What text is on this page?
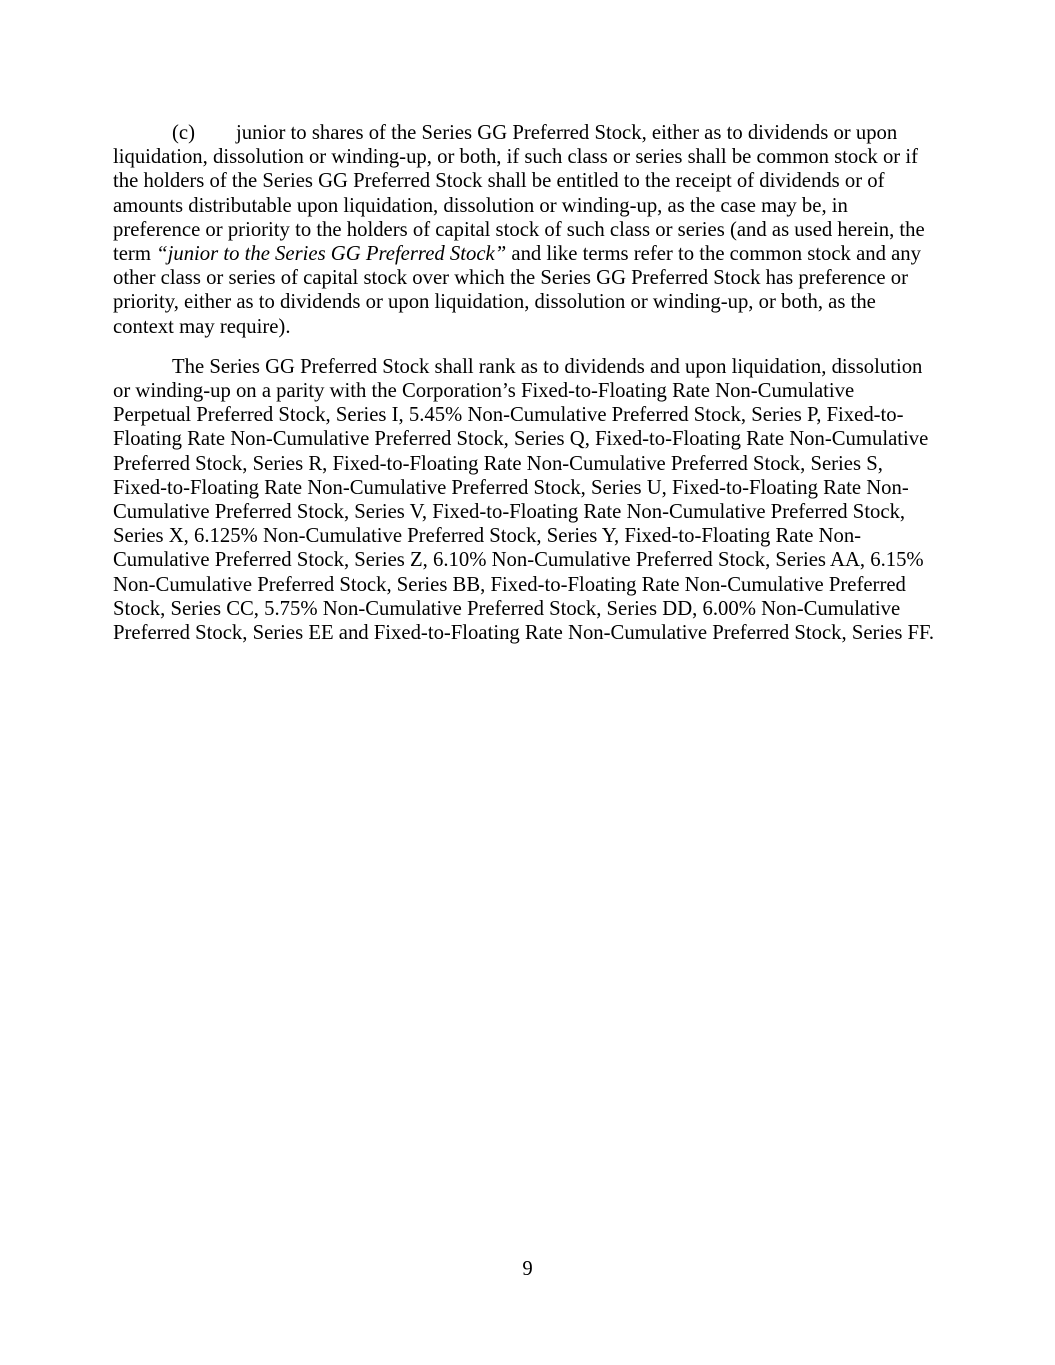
(c) junior to shares of the Series GG Preferred Stock, either as to dividends or upon liquidation, dissolution or winding-up, or both, if such class or series shall be common stock or if the holders of the Series GG Preferred Stock shall be entitled to the receipt of dividends or of amounts distributable upon liquidation, dissolution or winding-up, as the case may be, in preference or priority to the holders of capital stock of such class or series (and as used herein, the term “junior to the Series GG Preferred Stock” and like terms refer to the common stock and any other class or series of capital stock over which the Series GG Preferred Stock has preference or priority, either as to dividends or upon liquidation, dissolution or winding-up, or both, as the context may require).

The Series GG Preferred Stock shall rank as to dividends and upon liquidation, dissolution or winding-up on a parity with the Corporation’s Fixed-to-Floating Rate Non-Cumulative Perpetual Preferred Stock, Series I, 5.45% Non-Cumulative Preferred Stock, Series P, Fixed-to-Floating Rate Non-Cumulative Preferred Stock, Series Q, Fixed-to-Floating Rate Non-Cumulative Preferred Stock, Series R, Fixed-to-Floating Rate Non-Cumulative Preferred Stock, Series S, Fixed-to-Floating Rate Non-Cumulative Preferred Stock, Series U, Fixed-to-Floating Rate Non-Cumulative Preferred Stock, Series V, Fixed-to-Floating Rate Non-Cumulative Preferred Stock, Series X, 6.125% Non-Cumulative Preferred Stock, Series Y, Fixed-to-Floating Rate Non-Cumulative Preferred Stock, Series Z, 6.10% Non-Cumulative Preferred Stock, Series AA, 6.15% Non-Cumulative Preferred Stock, Series BB, Fixed-to-Floating Rate Non-Cumulative Preferred Stock, Series CC, 5.75% Non-Cumulative Preferred Stock, Series DD, 6.00% Non-Cumulative Preferred Stock, Series EE and Fixed-to-Floating Rate Non-Cumulative Preferred Stock, Series FF.

9
